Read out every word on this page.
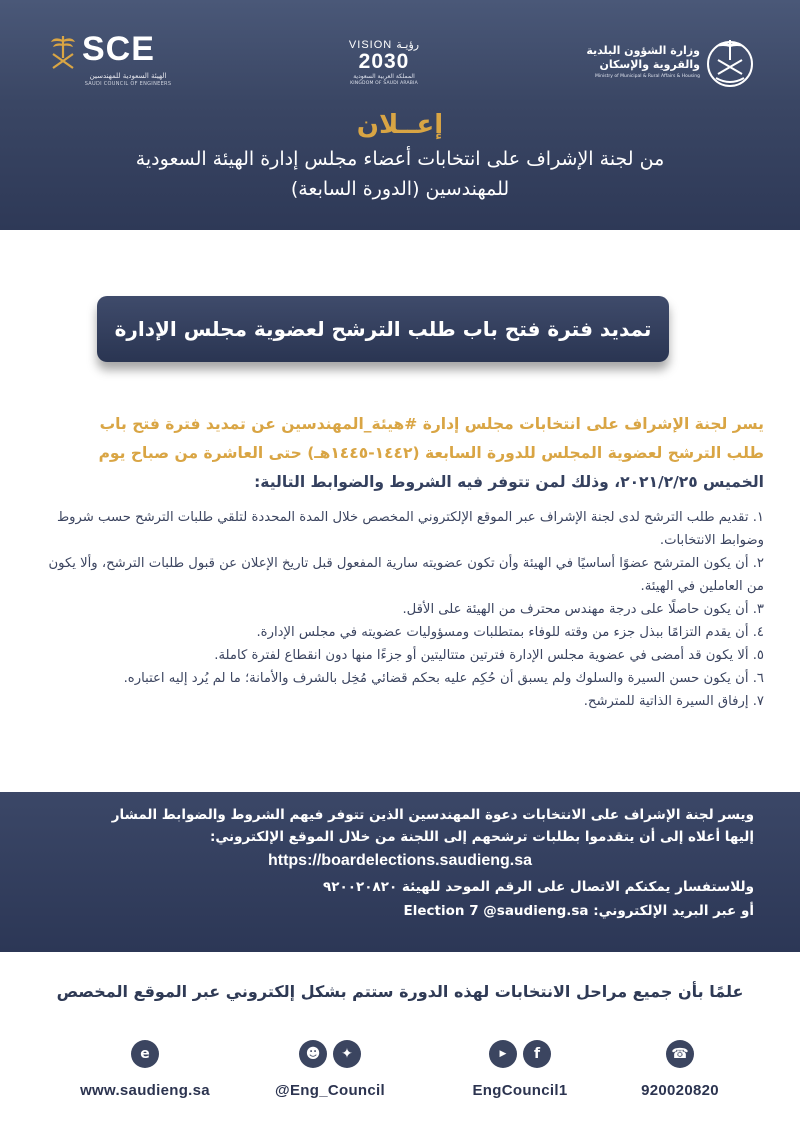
SCE
الهيئة السعودية للمهندسين
SAUDI COUNCIL OF ENGINEERS
VISION رؤيـة
2030
المملكة العربية السعودية
KINGDOM OF SAUDI ARABIA
وزارة الشؤون البلدية
والقروية والإسكان
Ministry of Municipal & Rural Affairs & Housing
إعــلان
من لجنة الإشراف على انتخابات أعضاء مجلس إدارة الهيئة السعودية للمهندسين (الدورة السابعة)
تمديد فترة فتح باب طلب الترشح لعضوية مجلس الإدارة
يسر لجنة الإشراف على انتخابات مجلس إدارة #هيئة_المهندسين عن تمديد فترة فتح باب
طلب الترشح لعضوية المجلس للدورة السابعة (١٤٤٢-١٤٤٥هـ) حتى العاشرة من صباح يوم
الخميس ٢٠٢١/٢/٢٥، وذلك لمن تتوفر فيه الشروط والضوابط التالية:
١. تقديم طلب الترشح لدى لجنة الإشراف عبر الموقع الإلكتروني المخصص خلال المدة المحددة لتلقي طلبات الترشح حسب شروط وضوابط الانتخابات.
٢. أن يكون المترشح عضوًا أساسيًا في الهيئة وأن تكون عضويته سارية المفعول قبل تاريخ الإعلان عن قبول طلبات الترشح، وألا يكون من العاملين في الهيئة.
٣. أن يكون حاصلًا على درجة مهندس محترف من الهيئة على الأقل.
٤. أن يقدم التزامًا ببذل جزء من وقته للوفاء بمتطلبات ومسؤوليات عضويته في مجلس الإدارة.
٥. ألا يكون قد أمضى في عضوية مجلس الإدارة فترتين متتاليتين أو جزءًا منها دون انقطاع لفترة كاملة.
٦. أن يكون حسن السيرة والسلوك ولم يسبق أن حُكِم عليه بحكم قضائي مُخِل بالشرف والأمانة؛ ما لم يُرد إليه اعتباره.
٧. إرفاق السيرة الذاتية للمترشح.
ويسر لجنة الإشراف على الانتخابات دعوة المهندسين الذين تتوفر فيهم الشروط والضوابط المشار
إليها أعلاه إلى أن يتقدموا بطلبات ترشحهم إلى اللجنة من خلال الموقع الإلكتروني:
https://boardelections.saudieng.sa
وللاستفسار يمكنكم الاتصال على الرقم الموحد للهيئة ٩٢٠٠٢٠٨٢٠
أو عبر البريد الإلكتروني: Election 7 @saudieng.sa
علمًا بأن جميع مراحل الانتخابات لهذه الدورة ستتم بشكل إلكتروني عبر الموقع المخصص
e
www.saudieng.sa
☻	✦
@Eng_Council
▶	f
EngCouncil1
☎
920020820
